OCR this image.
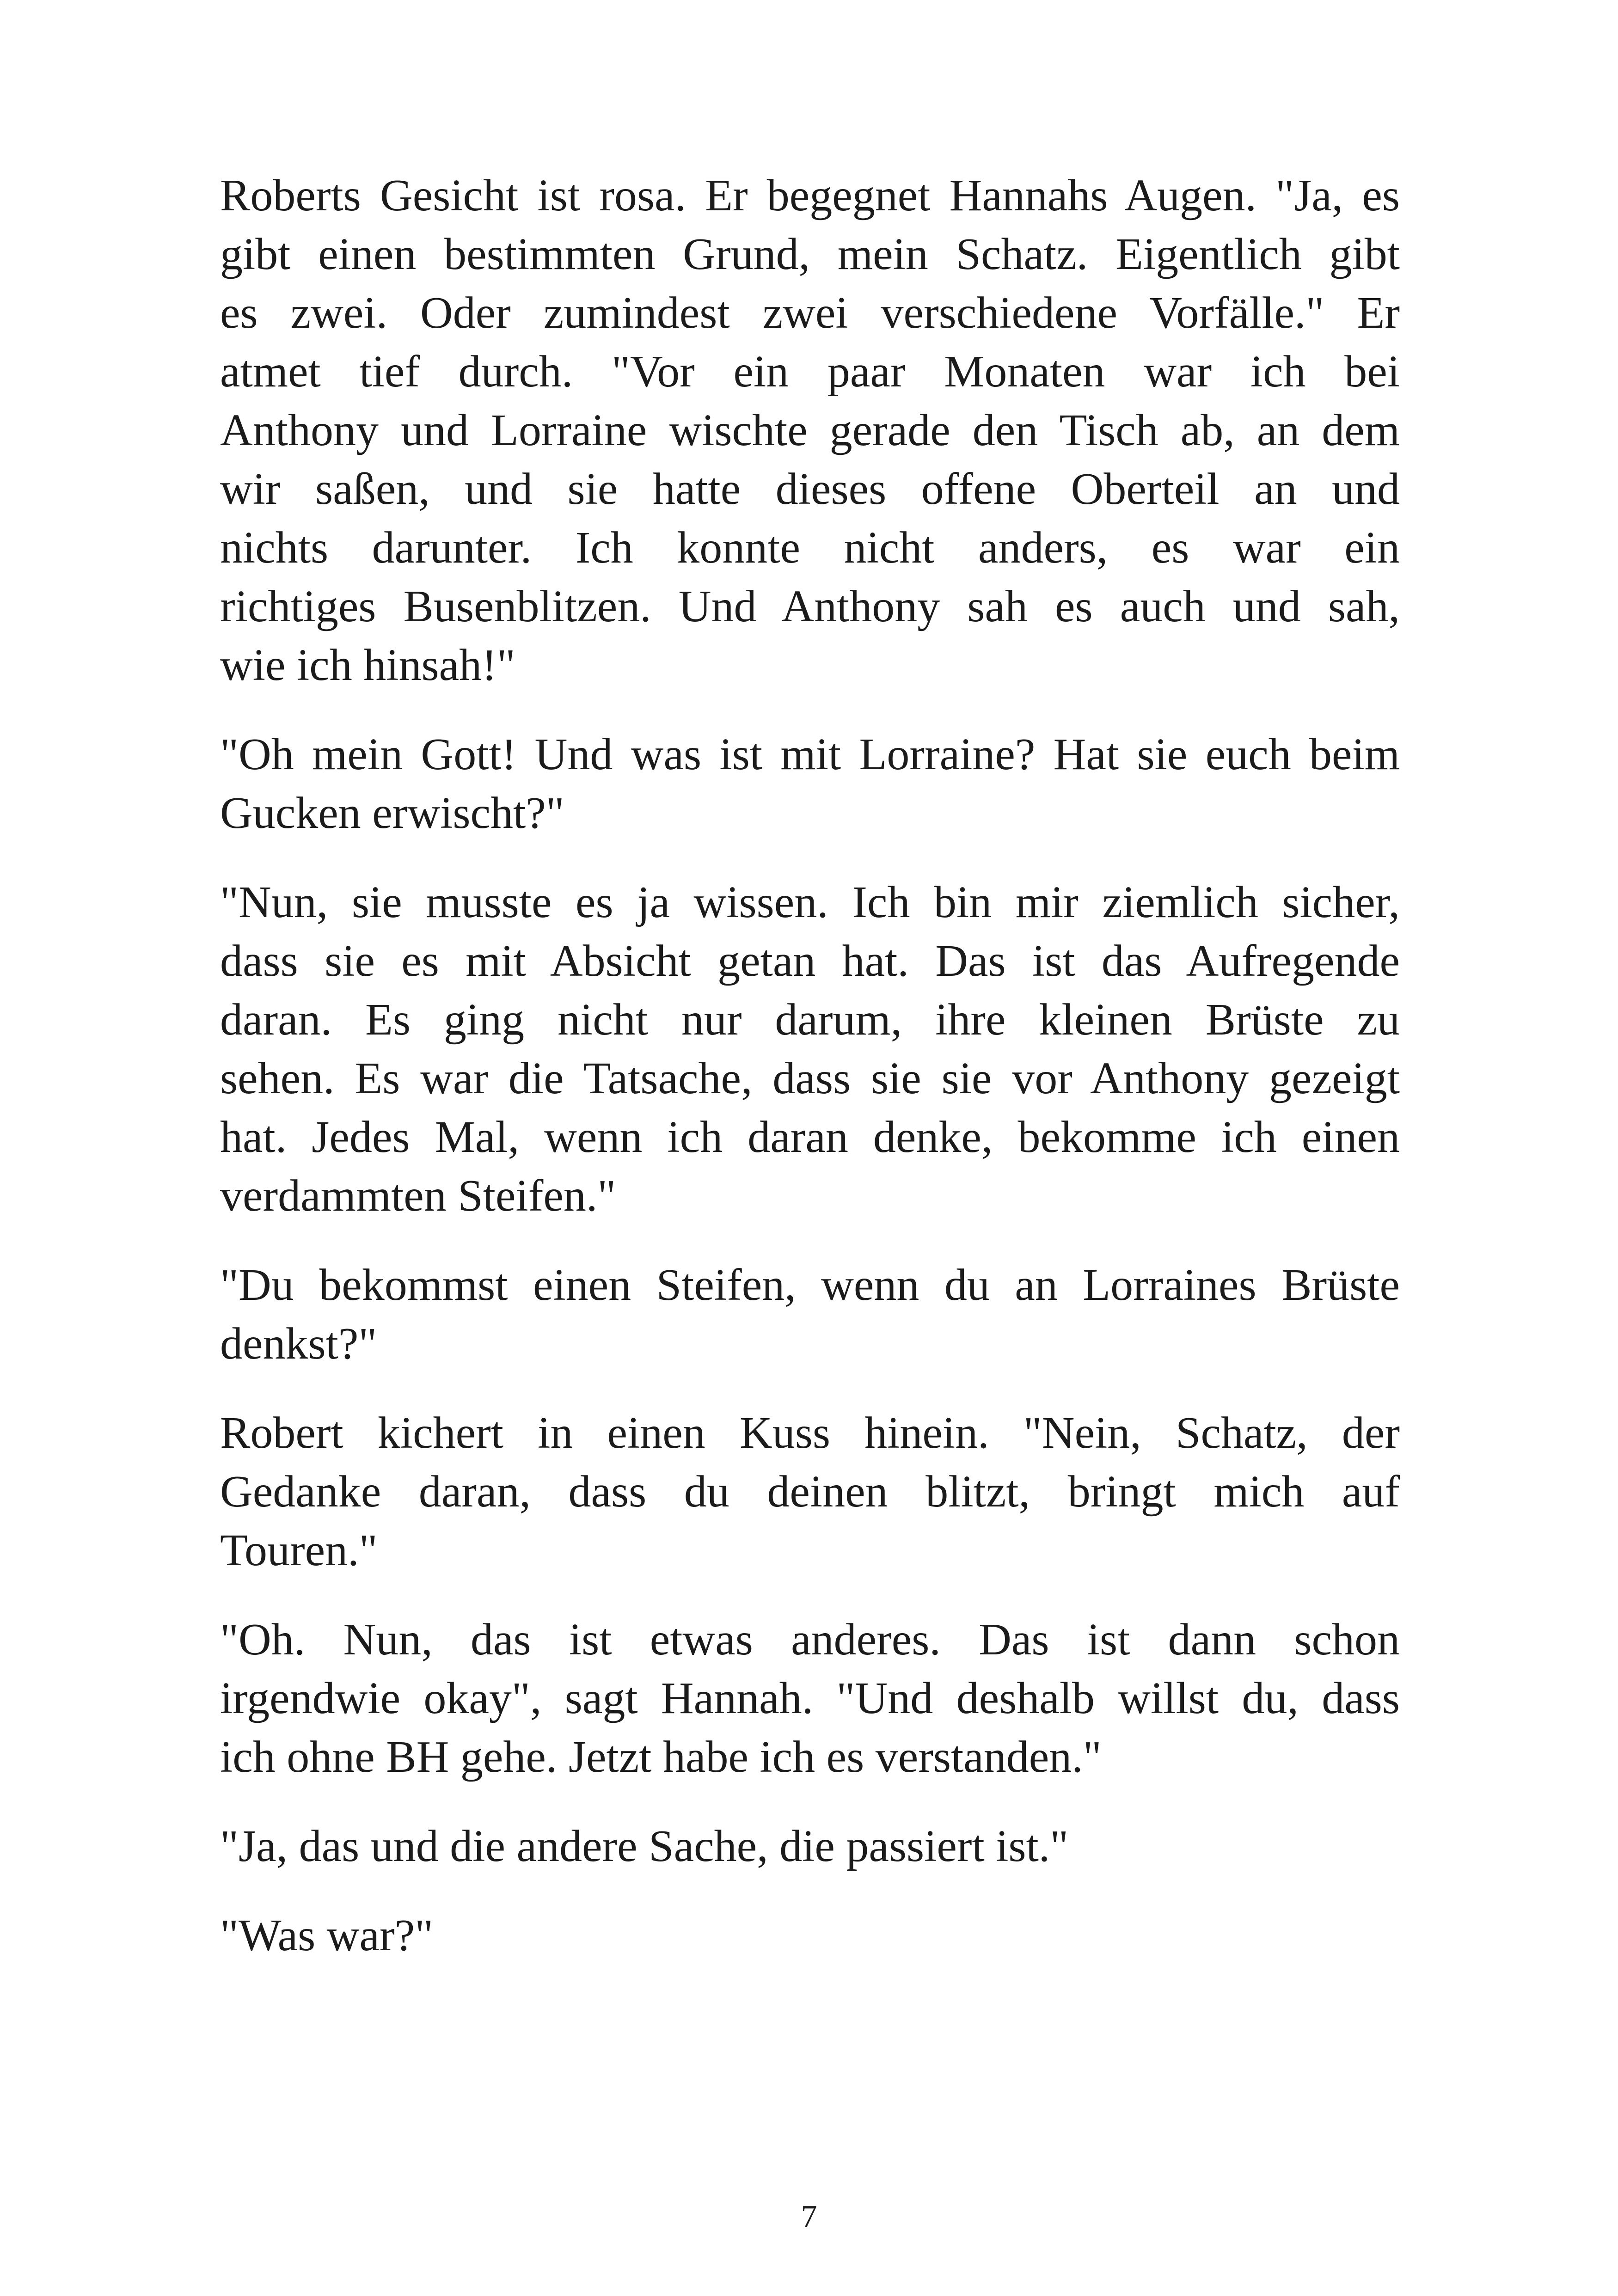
Roberts Gesicht ist rosa. Er begegnet Hannahs Augen. "Ja, es
gibt einen bestimmten Grund, mein Schatz. Eigentlich gibt
es zwei. Oder zumindest zwei verschiedene Vorfälle." Er
atmet tief durch. "Vor ein paar Monaten war ich bei
Anthony und Lorraine wischte gerade den Tisch ab, an dem
wir saßen, und sie hatte dieses offene Oberteil an und
nichts darunter. Ich konnte nicht anders, es war ein
richtiges Busenblitzen. Und Anthony sah es auch und sah,
wie ich hinsah!"
"Oh mein Gott! Und was ist mit Lorraine? Hat sie euch beim
Gucken erwischt?"
"Nun, sie musste es ja wissen. Ich bin mir ziemlich sicher,
dass sie es mit Absicht getan hat. Das ist das Aufregende
daran. Es ging nicht nur darum, ihre kleinen Brüste zu
sehen. Es war die Tatsache, dass sie sie vor Anthony gezeigt
hat. Jedes Mal, wenn ich daran denke, bekomme ich einen
verdammten Steifen."
"Du bekommst einen Steifen, wenn du an Lorraines Brüste
denkst?"
Robert kichert in einen Kuss hinein. "Nein, Schatz, der
Gedanke daran, dass du deinen blitzt, bringt mich auf
Touren."
"Oh. Nun, das ist etwas anderes. Das ist dann schon
irgendwie okay", sagt Hannah. "Und deshalb willst du, dass
ich ohne BH gehe. Jetzt habe ich es verstanden."
"Ja, das und die andere Sache, die passiert ist."
"Was war?"
7
